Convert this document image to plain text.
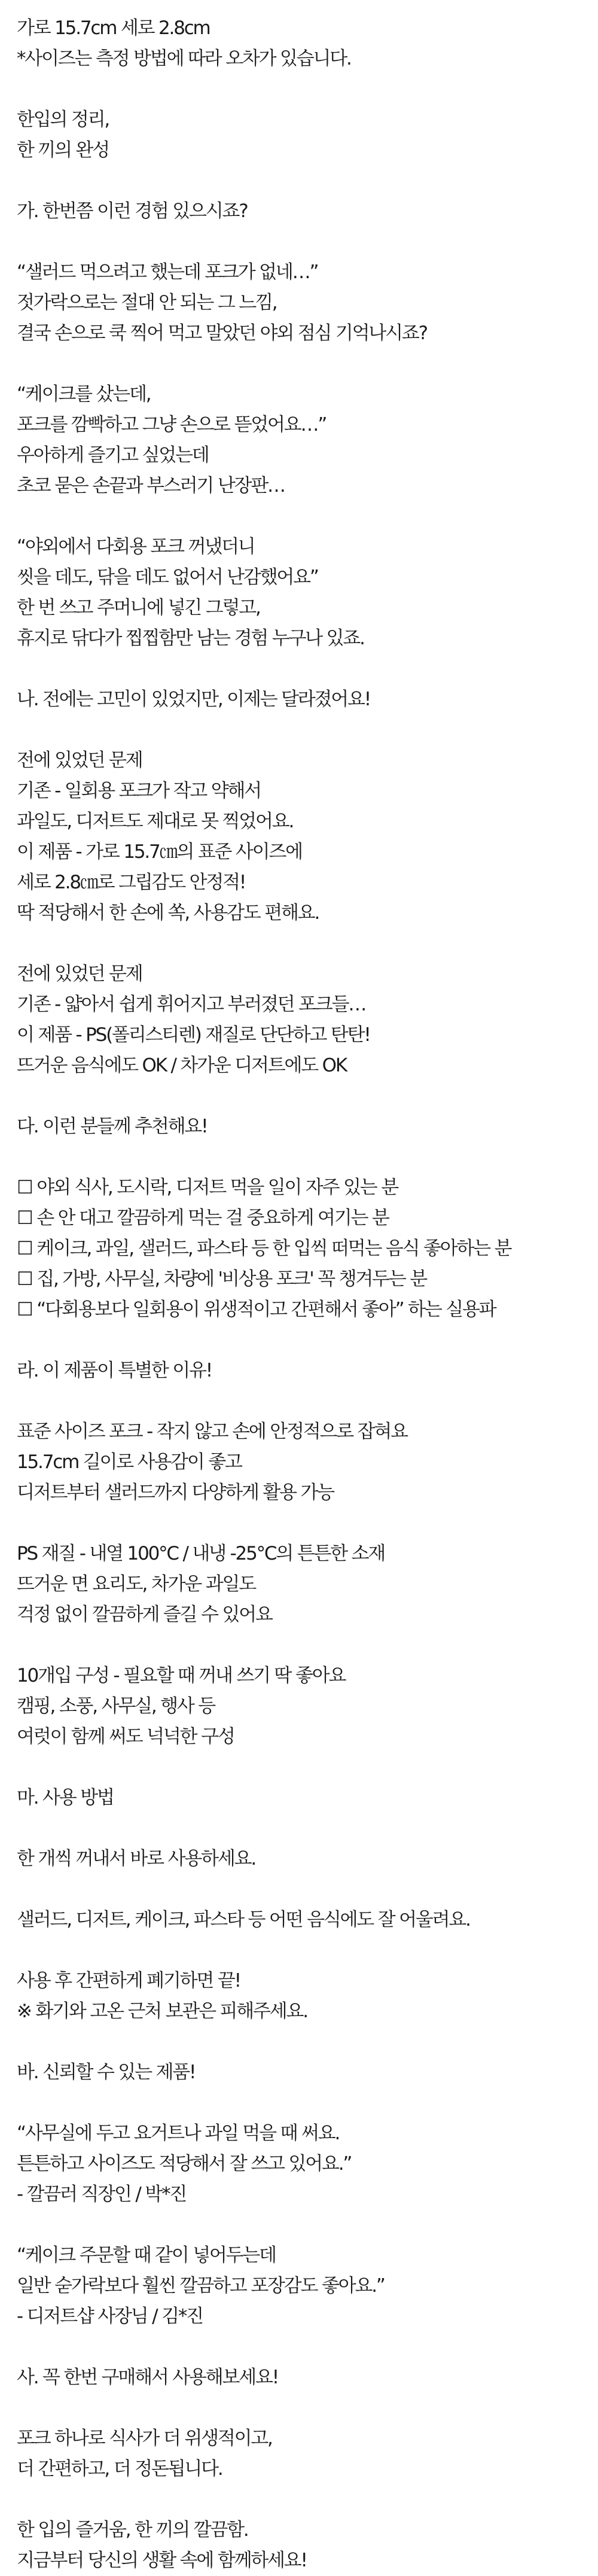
가로 15.7cm 세로 2.8cm
*사이즈는 측정 방법에 따라 오차가 있습니다.
한입의 정리,
한 끼의 완성
가. 한번쯤 이런 경험 있으시죠?
“샐러드 먹으려고 했는데 포크가 없네…”
젓가락으로는 절대 안 되는 그 느낌,
결국 손으로 쿡 찍어 먹고 말았던 야외 점심 기억나시죠?
“케이크를 샀는데,
포크를 깜빡하고 그냥 손으로 뜯었어요…”
우아하게 즐기고 싶었는데
초코 묻은 손끝과 부스러기 난장판…
“야외에서 다회용 포크 꺼냈더니
씻을 데도, 닦을 데도 없어서 난감했어요”
한 번 쓰고 주머니에 넣긴 그렇고,
휴지로 닦다가 찝찝함만 남는 경험 누구나 있죠.
나. 전에는 고민이 있었지만, 이제는 달라졌어요!
전에 있었던 문제
기존 - 일회용 포크가 작고 약해서
과일도, 디저트도 제대로 못 찍었어요.
이 제품 - 가로 15.7㎝의 표준 사이즈에
세로 2.8㎝로 그립감도 안정적!
딱 적당해서 한 손에 쏙, 사용감도 편해요.
전에 있었던 문제
기존 - 얇아서 쉽게 휘어지고 부러졌던 포크들…
이 제품 - PS(폴리스티렌) 재질로 단단하고 탄탄!
뜨거운 음식에도 OK / 차가운 디저트에도 OK
다. 이런 분들께 추천해요!
☐ 야외 식사, 도시락, 디저트 먹을 일이 자주 있는 분
☐ 손 안 대고 깔끔하게 먹는 걸 중요하게 여기는 분
☐ 케이크, 과일, 샐러드, 파스타 등 한 입씩 떠먹는 음식 좋아하는 분
☐ 집, 가방, 사무실, 차량에 '비상용 포크' 꼭 챙겨두는 분
☐ “다회용보다 일회용이 위생적이고 간편해서 좋아” 하는 실용파
라. 이 제품이 특별한 이유!
표준 사이즈 포크 - 작지 않고 손에 안정적으로 잡혀요
15.7cm 길이로 사용감이 좋고
디저트부터 샐러드까지 다양하게 활용 가능
PS 재질 - 내열 100°C / 내냉 -25°C의 튼튼한 소재
뜨거운 면 요리도, 차가운 과일도
걱정 없이 깔끔하게 즐길 수 있어요
10개입 구성 - 필요할 때 꺼내 쓰기 딱 좋아요
캠핑, 소풍, 사무실, 행사 등
여럿이 함께 써도 넉넉한 구성
마. 사용 방법
한 개씩 꺼내서 바로 사용하세요.
샐러드, 디저트, 케이크, 파스타 등 어떤 음식에도 잘 어울려요.
사용 후 간편하게 폐기하면 끝!
※ 화기와 고온 근처 보관은 피해주세요.
바. 신뢰할 수 있는 제품!
“사무실에 두고 요거트나 과일 먹을 때 써요.
튼튼하고 사이즈도 적당해서 잘 쓰고 있어요.”
- 깔끔러 직장인 / 박*진
“케이크 주문할 때 같이 넣어두는데
일반 숟가락보다 훨씬 깔끔하고 포장감도 좋아요.”
- 디저트샵 사장님 / 김*진
사. 꼭 한번 구매해서 사용해보세요!
포크 하나로 식사가 더 위생적이고,
더 간편하고, 더 정돈됩니다.
한 입의 즐거움, 한 끼의 깔끔함.
지금부터 당신의 생활 속에 함께하세요!
